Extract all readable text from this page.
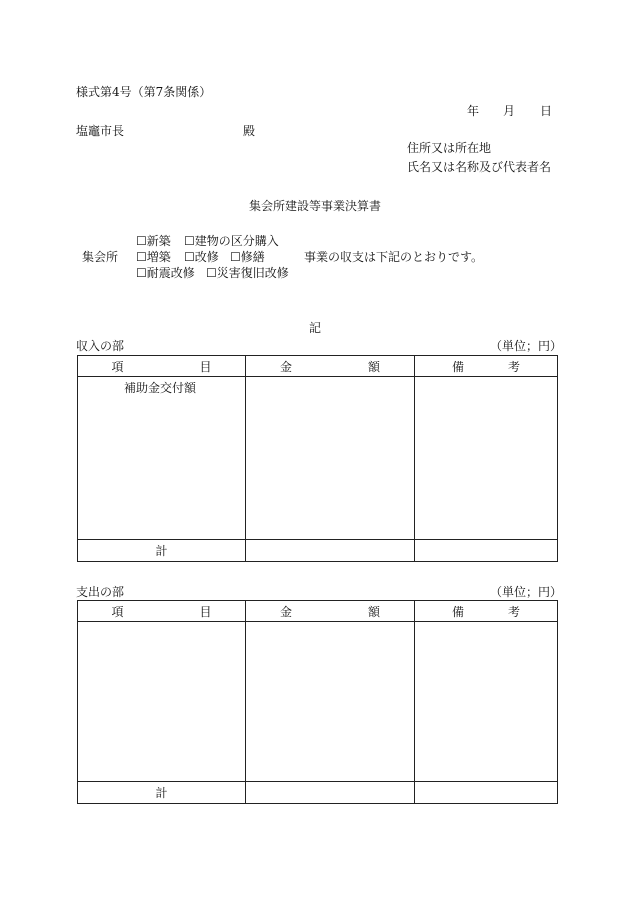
様式第4号（第7条関係）
年 月 日
塩竈市長	殿
住所又は所在地
氏名又は名称及び代表者名
集会所建設等事業決算書
☐新築 ☐建物の区分購入
集会所 ☐増築 ☐改修 ☐修繕	事業の収支は下記のとおりです。
☐耐震改修 ☐災害復旧改修
記
収入の部	（単位；円）
項　　目	金　　額	備　　考

補助金交付額		

計		
支出の部	（単位；円）
項　　目	金　　額	備　　考

計		
